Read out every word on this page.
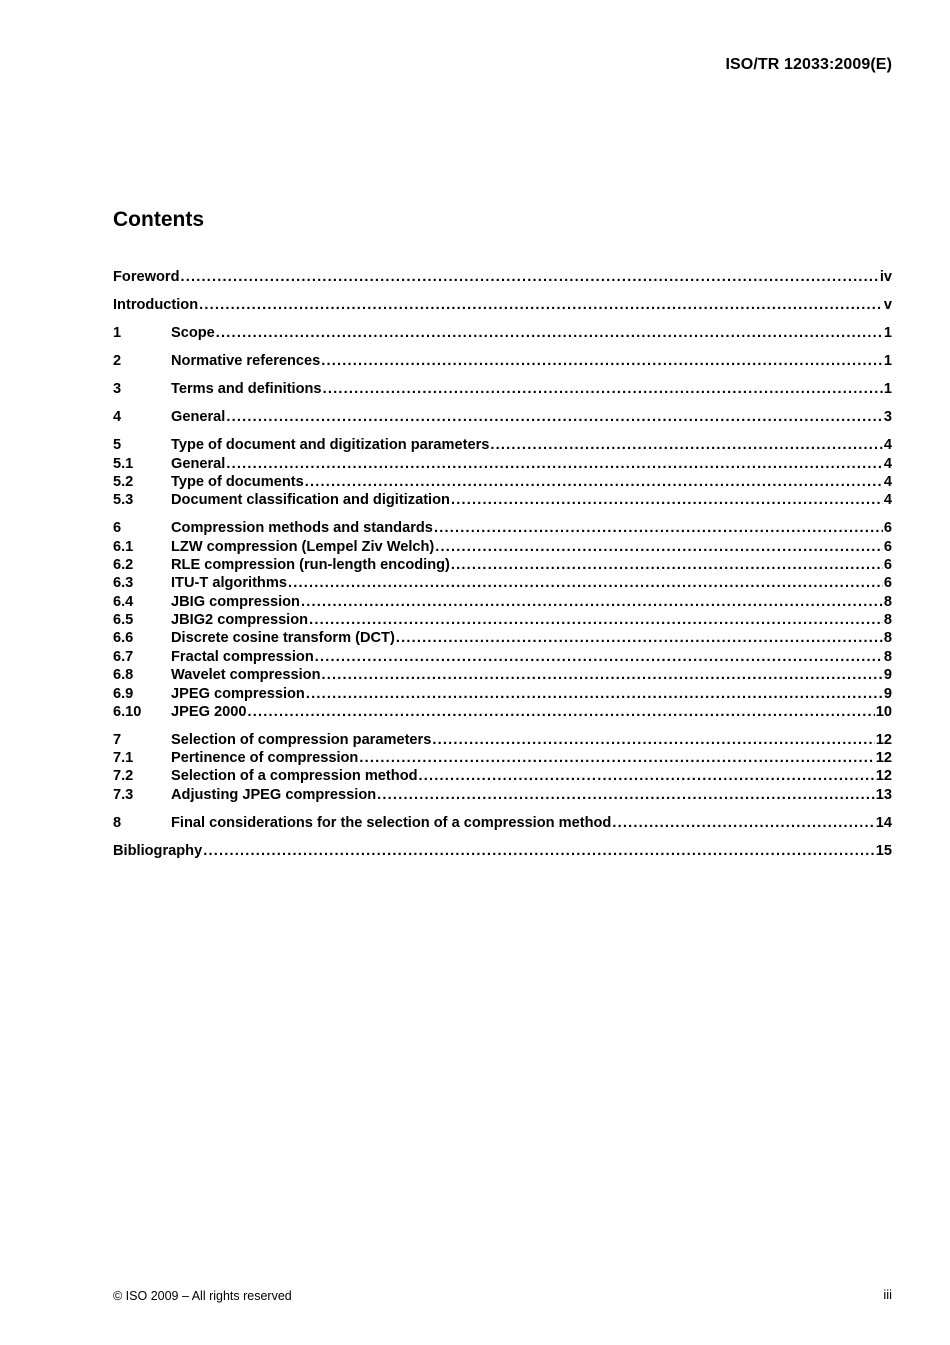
ISO/TR 12033:2009(E)
Contents
Foreword .....	iv
Introduction .....	v
1	Scope .....	1
2	Normative references .....	1
3	Terms and definitions .....	1
4	General .....	3
5	Type of document and digitization parameters .....	4
5.1	General .....	4
5.2	Type of documents .....	4
5.3	Document classification and digitization .....	4
6	Compression methods and standards .....	6
6.1	LZW compression (Lempel Ziv Welch) .....	6
6.2	RLE compression (run-length encoding) .....	6
6.3	ITU-T algorithms .....	6
6.4	JBIG compression .....	8
6.5	JBIG2 compression .....	8
6.6	Discrete cosine transform (DCT) .....	8
6.7	Fractal compression .....	8
6.8	Wavelet compression .....	9
6.9	JPEG compression .....	9
6.10	JPEG 2000 .....	10
7	Selection of compression parameters .....	12
7.1	Pertinence of compression .....	12
7.2	Selection of a compression method .....	12
7.3	Adjusting JPEG compression .....	13
8	Final considerations for the selection of a compression method .....	14
Bibliography .....	15
© ISO 2009 – All rights reserved	iii
